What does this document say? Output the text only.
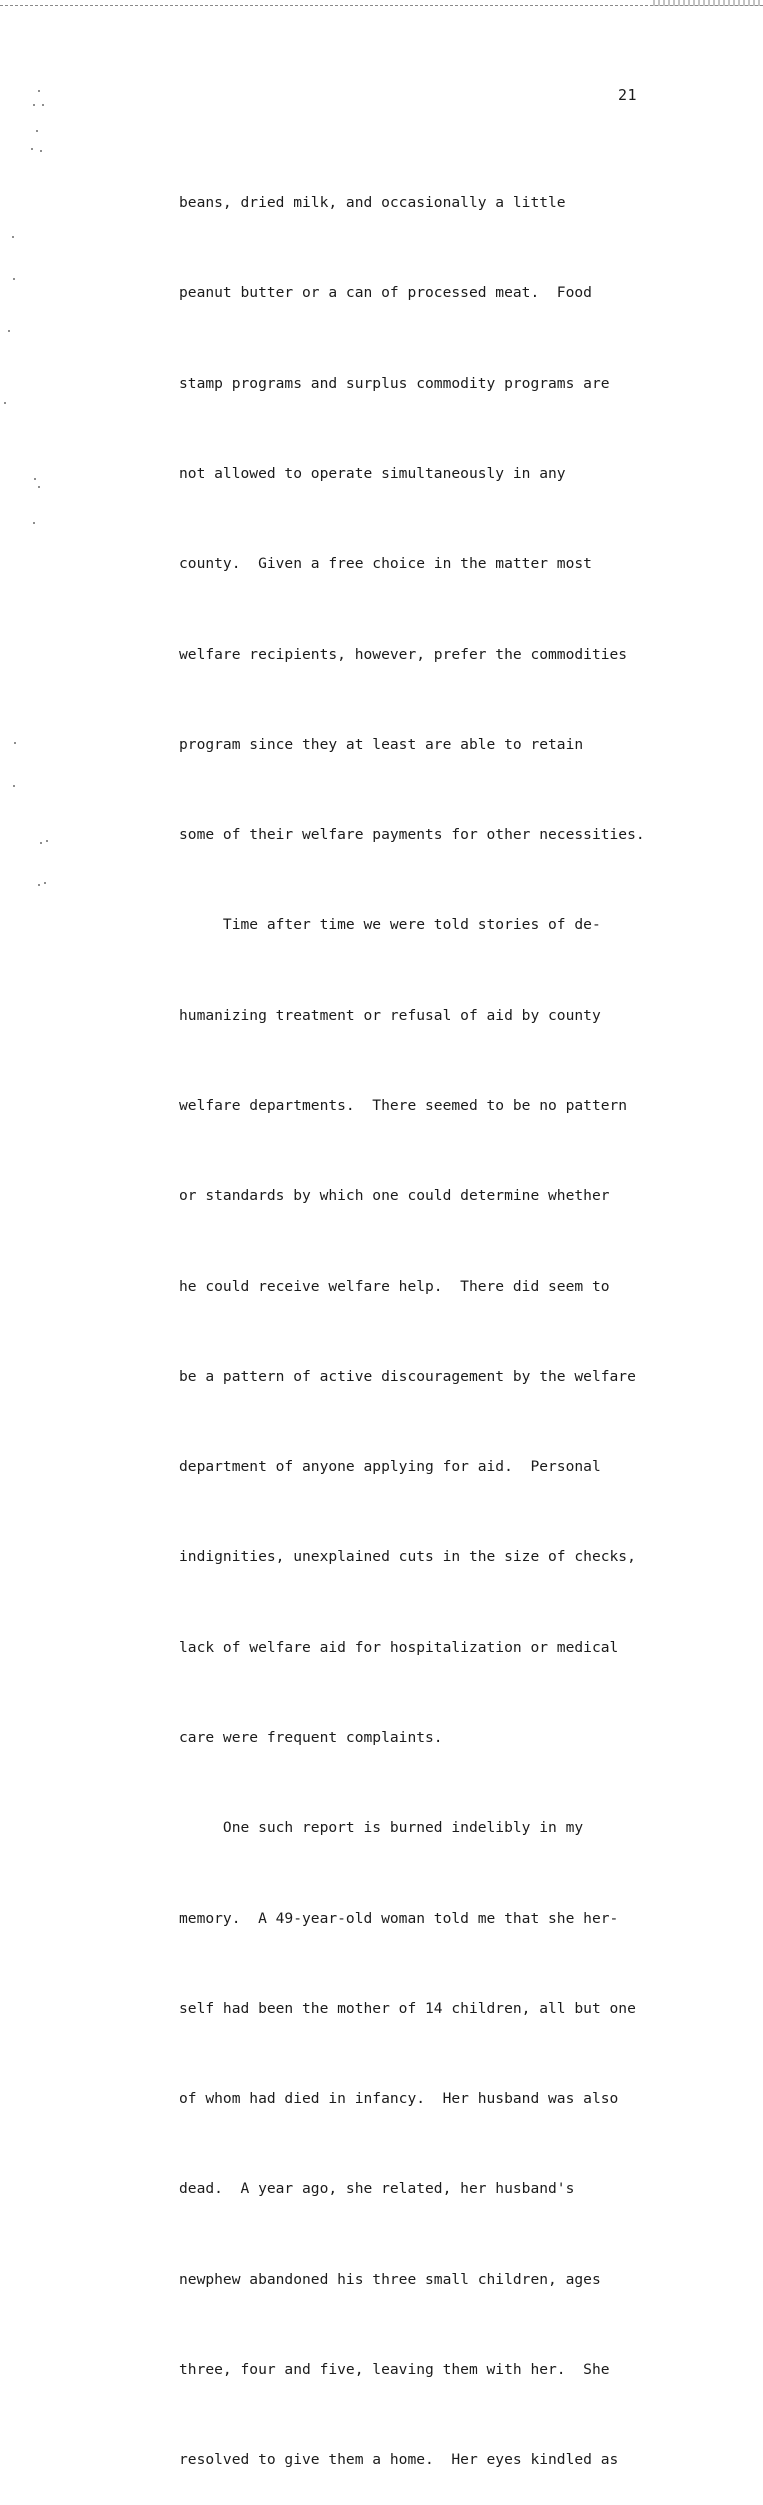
21

beans, dried milk, and occasionally a little

peanut butter or a can of processed meat.  Food

stamp programs and surplus commodity programs are

not allowed to operate simultaneously in any

county.  Given a free choice in the matter most

welfare recipients, however, prefer the commodities

program since they at least are able to retain

some of their welfare payments for other necessities.

Time after time we were told stories of de-

humanizing treatment or refusal of aid by county

welfare departments.  There seemed to be no pattern

or standards by which one could determine whether

he could receive welfare help.  There did seem to

be a pattern of active discouragement by the welfare

department of anyone applying for aid.  Personal

indignities, unexplained cuts in the size of checks,

lack of welfare aid for hospitalization or medical

care were frequent complaints.

One such report is burned indelibly in my

memory.  A 49-year-old woman told me that she her-

self had been the mother of 14 children, all but one

of whom had died in infancy.  Her husband was also

dead.  A year ago, she related, her husband's

newphew abandoned his three small children, ages

three, four and five, leaving them with her.  She

resolved to give them a home.  Her eyes kindled as
